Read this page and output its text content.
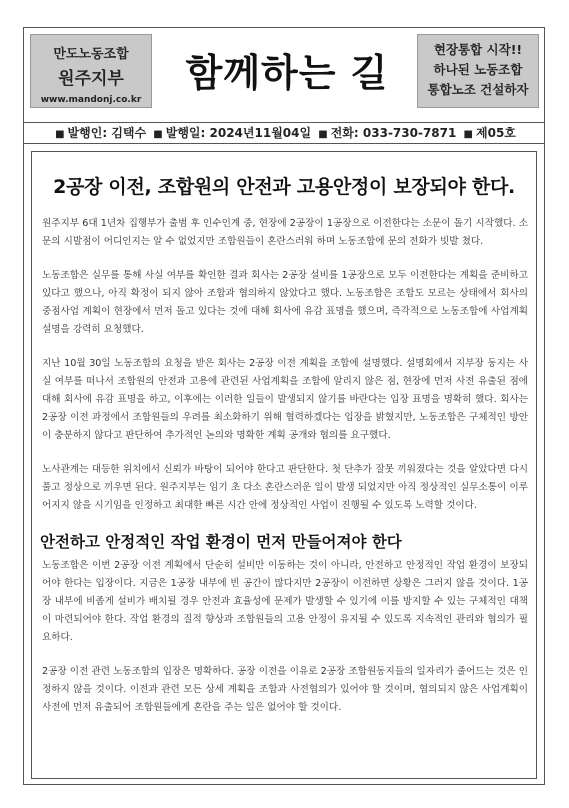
만도노동조합
원주지부
www.mandonj.co.kr
함께하는 길
현장통합 시작!!
하나된 노동조합
통합노조 건설하자
■ 발행인: 김택수 ■ 발행일: 2024년11월04일 ■ 전화: 033-730-7871 ■ 제05호
2공장 이전, 조합원의 안전과 고용안정이 보장되야 한다.

원주지부 6대 1년차 집행부가 출범 후 인수인계 중, 현장에 2공장이 1공장으로 이전한다는 소문이 돌기 시작했다. 소문의 시발점이 어디인지는 알 수 없었지만 조합원들이 혼란스러워 하며 노동조합에 문의 전화가 빗발 쳤다.

노동조합은 실무를 통해 사실 여부를 확인한 결과 회사는 2공장 설비를 1공장으로 모두 이전한다는 계획을 준비하고 있다고 했으나, 아직 확정이 되지 않아 조합과 협의하지 않았다고 했다. 노동조합은 조합도 모르는 상태에서 회사의 중점사업 계획이 현장에서 먼저 돌고 있다는 것에 대해 회사에 유감 표명을 했으며, 즉각적으로 노동조합에 사업계획 설명을 강력히 요청했다.

지난 10월 30일 노동조합의 요청을 받은 회사는 2공장 이전 계획을 조합에 설명했다. 설명회에서 지부장 동지는 사실 여부를 떠나서 조합원의 안전과 고용에 관련된 사업계획을 조합에 알리지 않은 점, 현장에 먼저 사전 유출된 점에 대해 회사에 유감 표명을 하고, 이후에는 이러한 일들이 발생되지 않기를 바란다는 입장 표명을 명확히 했다. 회사는 2공장 이전 과정에서 조합원들의 우려를 최소화하기 위해 협력하겠다는 입장을 밝혔지만, 노동조합은 구체적인 방안이 충분하지 않다고 판단하여 추가적인 논의와 명확한 계획 공개와 협의를 요구했다.

노사관계는 대등한 위치에서 신뢰가 바탕이 되어야 한다고 판단한다. 첫 단추가 잘못 끼워졌다는 것을 알았다면 다시 풀고 정상으로 끼우면 된다. 원주지부는 임기 초 다소 혼란스러운 일이 발생 되었지만 아직 정상적인 실무소통이 이루어지지 않을 시기임을 인정하고 최대한 빠른 시간 안에 정상적인 사업이 진행될 수 있도록 노력할 것이다.

안전하고 안정적인 작업 환경이 먼저 만들어져야 한다

노동조합은 이번 2공장 이전 계획에서 단순히 설비만 이동하는 것이 아니라, 안전하고 안정적인 작업 환경이 보장되어야 한다는 입장이다. 지금은 1공장 내부에 빈 공간이 많다지만 2공장이 이전하면 상황은 그러지 않을 것이다. 1공장 내부에 비좁게 설비가 배치될 경우 안전과 효율성에 문제가 발생할 수 있기에 이를 방지할 수 있는 구체적인 대책이 마련되어야 한다. 작업 환경의 질적 향상과 조합원들의 고용 안정이 유지될 수 있도록 지속적인 관리와 협의가 필요하다.

2공장 이전 관련 노동조합의 입장은 명확하다. 공장 이전을 이유로 2공장 조합원동지들의 일자리가 줄어드는 것은 인정하지 않을 것이다. 이전과 관련 모든 상세 계획을 조합과 사전협의가 있어야 할 것이며, 협의되지 않은 사업계획이 사전에 먼저 유출되어 조합원들에게 혼란을 주는 일은 없어야 할 것이다.
